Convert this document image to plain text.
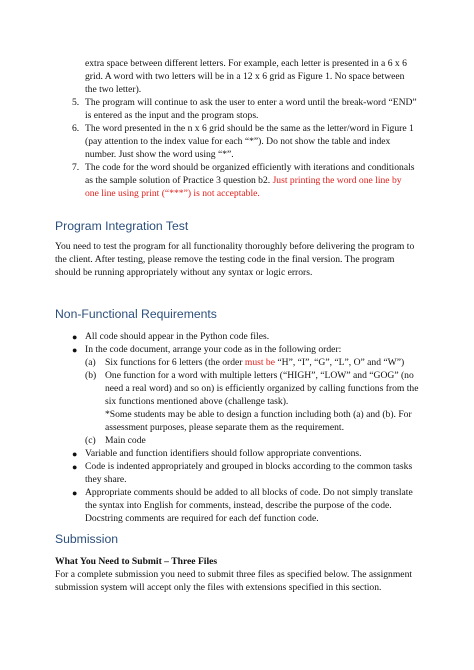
extra space between different letters. For example, each letter is presented in a 6 x 6

grid. A word with two letters will be in a 12 x 6 grid as Figure 1. No space between

the two letter).

5. The program will continue to ask the user to enter a word until the break-word “END”

is entered as the input and the program stops.

6. The word presented in the n x 6 grid should be the same as the letter/word in Figure 1

(pay attention to the index value for each “*”). Do not show the table and index

number. Just show the word using “*”.

7. The code for the word should be organized efficiently with iterations and conditionals

as the sample solution of Practice 3 question b2. Just printing the word one line by

one line using print (“***”) is not acceptable.

Program Integration Test

You need to test the program for all functionality thoroughly before delivering the program to

the client. After testing, please remove the testing code in the final version. The program

should be running appropriately without any syntax or logic errors.

Non-Functional Requirements
● All code should appear in the Python code files.

● In the code document, arrange your code as in the following order:

(a) Six functions for 6 letters (the order must be “H”, “I”, “G”, “L”, O” and “W”)

(b) One function for a word with multiple letters (“HIGH”, “LOW” and “GOG” (no

need a real word) and so on) is efficiently organized by calling functions from the

six functions mentioned above (challenge task).

*Some students may be able to design a function including both (a) and (b). For

assessment purposes, please separate them as the requirement.

(c) Main code

● Variable and function identifiers should follow appropriate conventions.

● Code is indented appropriately and grouped in blocks according to the common tasks

they share.

● Appropriate comments should be added to all blocks of code. Do not simply translate

the syntax into English for comments, instead, describe the purpose of the code.

Docstring comments are required for each def function code.

Submission

What You Need to Submit – Three Files

For a complete submission you need to submit three files as specified below. The assignment

submission system will accept only the files with extensions specified in this section.
